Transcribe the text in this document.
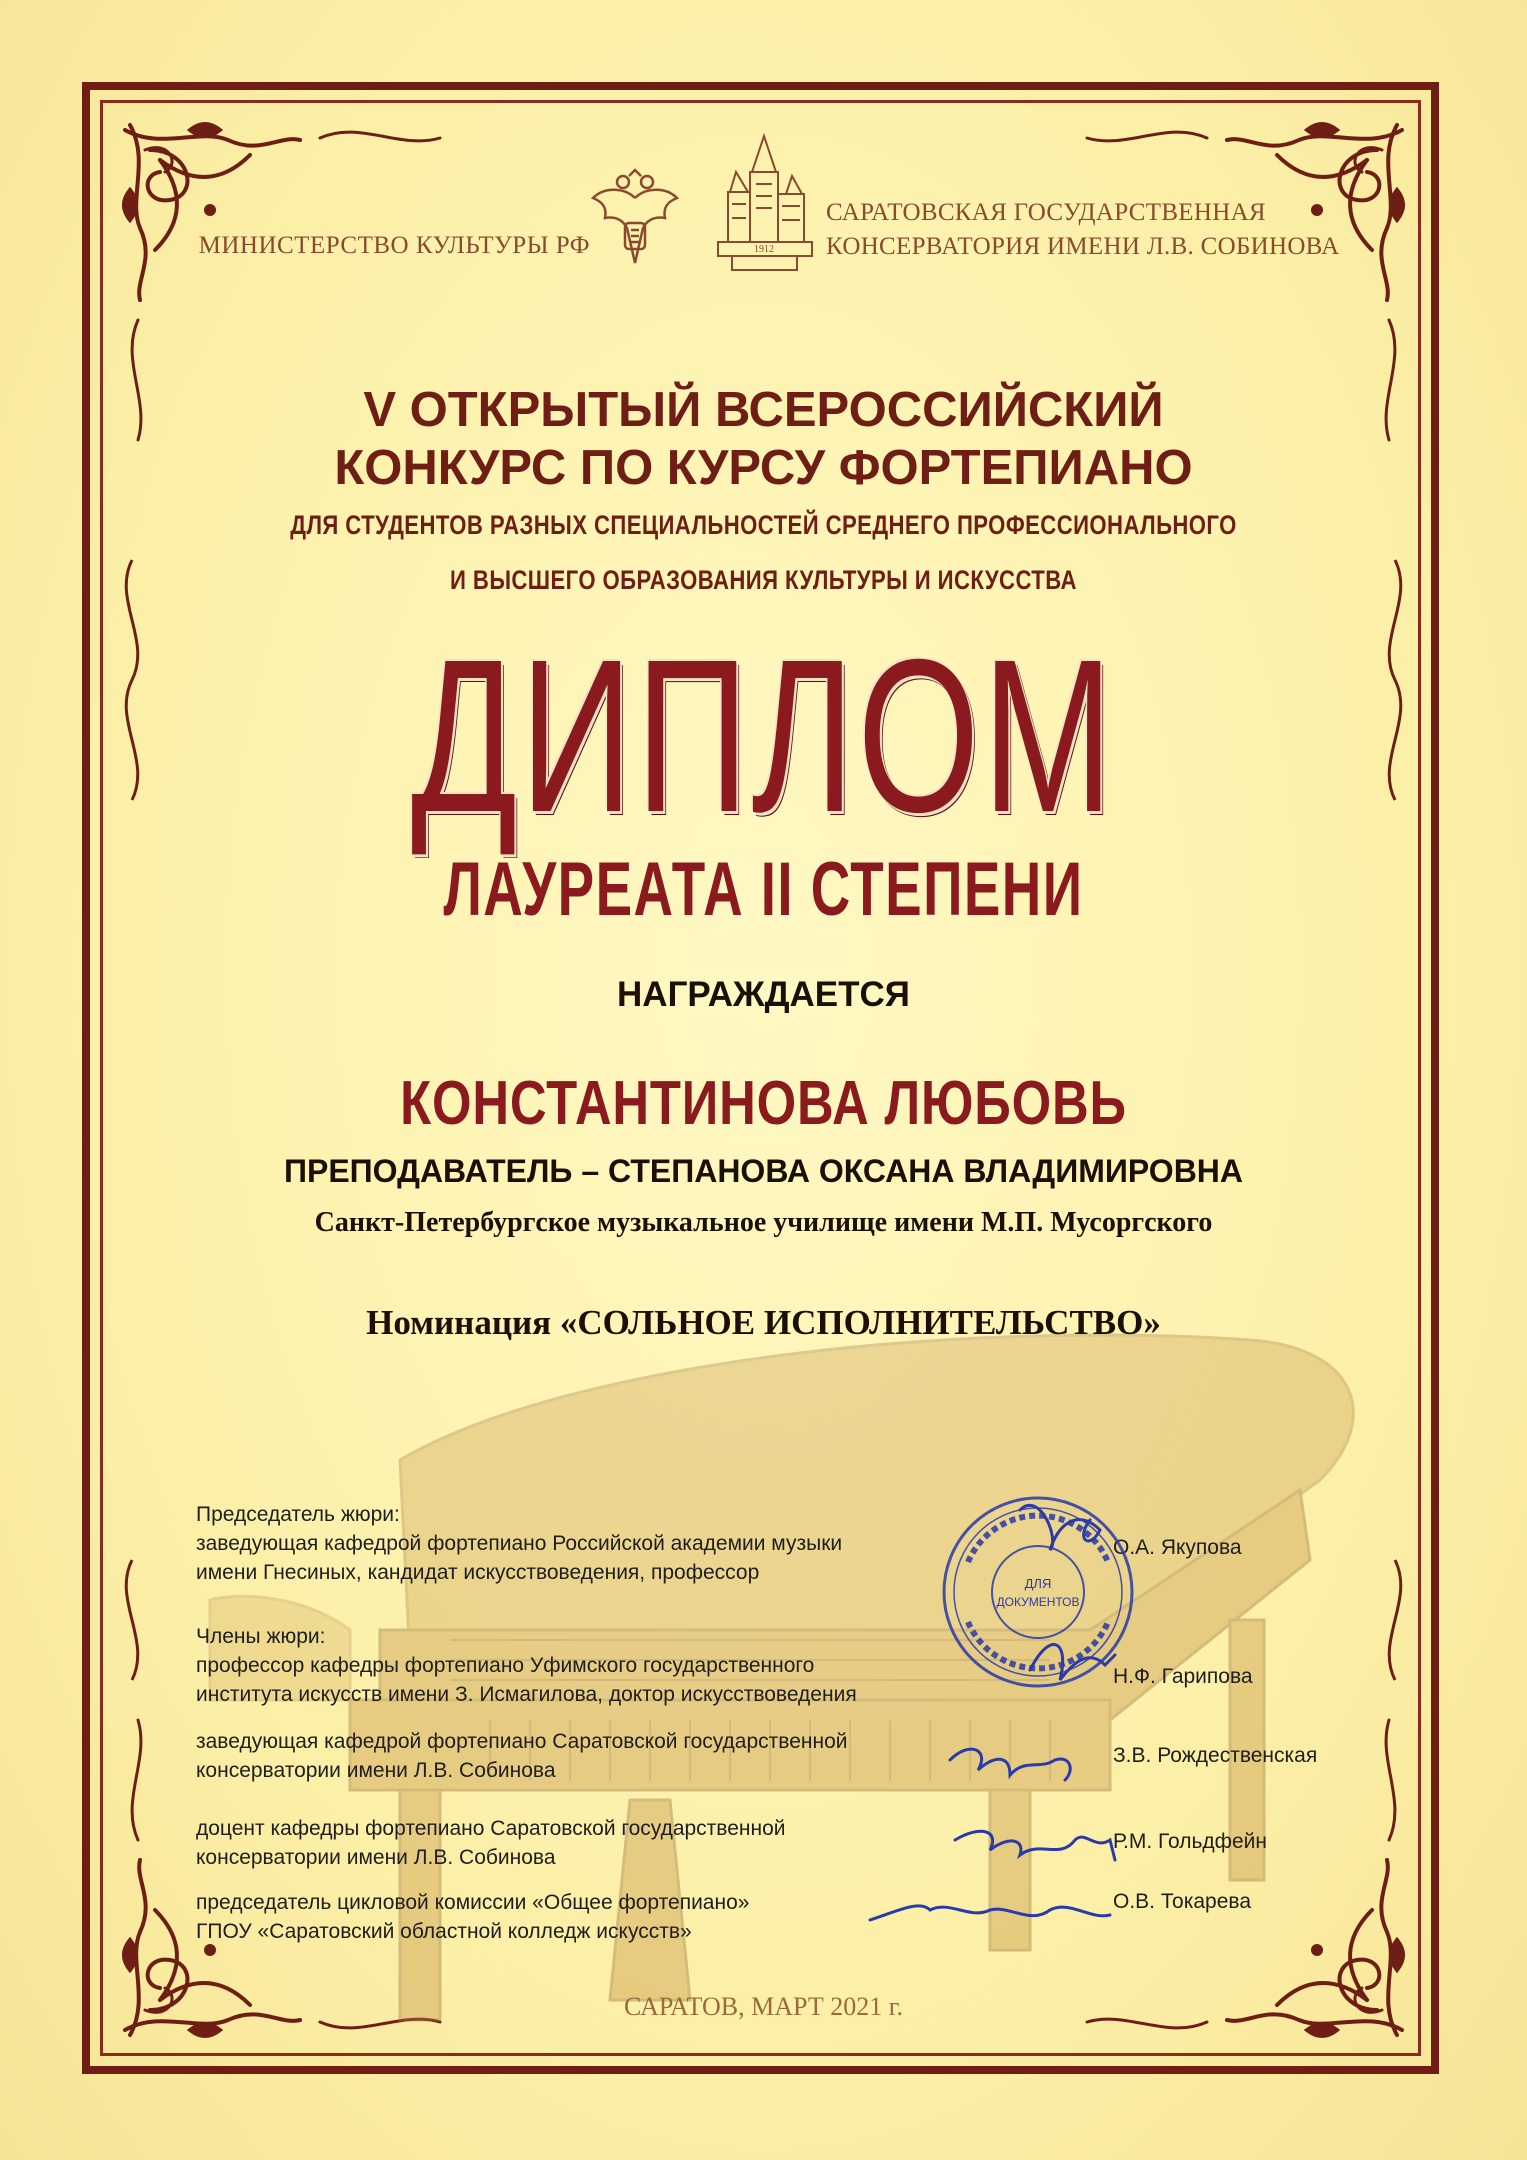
МИНИСТЕРСТВО КУЛЬТУРЫ РФ	1912
САРАТОВСКАЯ ГОСУДАРСТВЕННАЯ
КОНСЕРВАТОРИЯ ИМЕНИ Л.В. СОБИНОВА
V ОТКРЫТЫЙ ВСЕРОССИЙСКИЙ
КОНКУРС ПО КУРСУ ФОРТЕПИАНО
ДЛЯ СТУДЕНТОВ РАЗНЫХ СПЕЦИАЛЬНОСТЕЙ СРЕДНЕГО ПРОФЕССИОНАЛЬНОГО
И ВЫСШЕГО ОБРАЗОВАНИЯ КУЛЬТУРЫ И ИСКУССТВА
ДИПЛОМ
ЛАУРЕАТА II СТЕПЕНИ
НАГРАЖДАЕТСЯ
КОНСТАНТИНОВА ЛЮБОВЬ
ПРЕПОДАВАТЕЛЬ – СТЕПАНОВА ОКСАНА ВЛАДИМИРОВНА
Санкт-Петербургское музыкальное училище имени М.П. Мусоргского
Номинация «СОЛЬНОЕ ИСПОЛНИТЕЛЬСТВО»
Председатель жюри:
заведующая кафедрой фортепиано Российской академии музыки
имени Гнесиных, кандидат искусствоведения, профессор
О.А. Якупова
Члены жюри:
профессор кафедры фортепиано Уфимского государственного
института искусств имени З. Исмагилова, доктор искусствоведения
Н.Ф. Гарипова
заведующая кафедрой фортепиано Саратовской государственной
консерватории имени Л.В. Собинова
З.В. Рождественская
доцент кафедры фортепиано Саратовской государственной
консерватории имени Л.В. Собинова
Р.М. Гольдфейн
председатель цикловой комиссии «Общее фортепиано»
ГПОУ «Саратовский областной колледж искусств»
О.В. Токарева
ДЛЯ
ДОКУМЕНТОВ
САРАТОВ, МАРТ 2021 г.
